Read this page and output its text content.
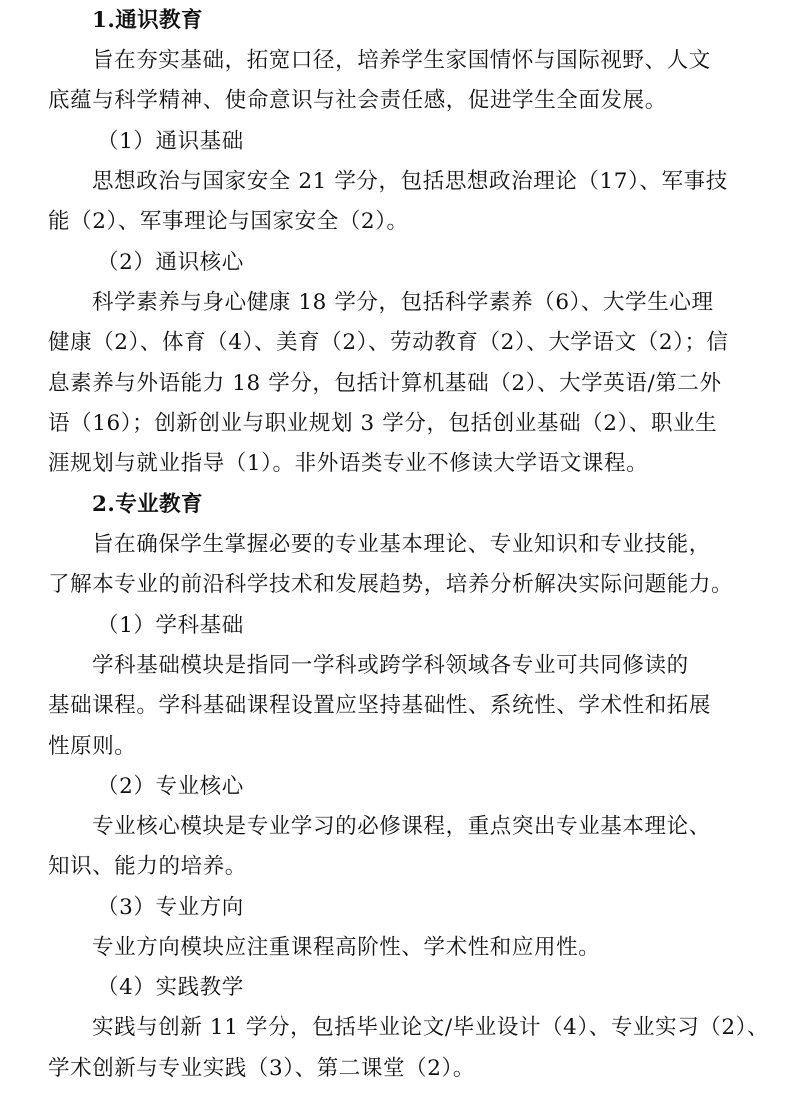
1.通识教育
旨在夯实基础，拓宽口径，培养学生家国情怀与国际视野、人文
底蕴与科学精神、使命意识与社会责任感，促进学生全面发展。
（1）通识基础
思想政治与国家安全 21 学分，包括思想政治理论（17）、军事技
能（2）、军事理论与国家安全（2）。
（2）通识核心
科学素养与身心健康 18 学分，包括科学素养（6）、大学生心理
健康（2）、体育（4）、美育（2）、劳动教育（2）、大学语文（2）；信
息素养与外语能力 18 学分，包括计算机基础（2）、大学英语/第二外
语（16）；创新创业与职业规划 3 学分，包括创业基础（2）、职业生
涯规划与就业指导（1）。非外语类专业不修读大学语文课程。
2.专业教育
旨在确保学生掌握必要的专业基本理论、专业知识和专业技能，
了解本专业的前沿科学技术和发展趋势，培养分析解决实际问题能力。
（1）学科基础
学科基础模块是指同一学科或跨学科领域各专业可共同修读的
基础课程。学科基础课程设置应坚持基础性、系统性、学术性和拓展
性原则。
（2）专业核心
专业核心模块是专业学习的必修课程，重点突出专业基本理论、
知识、能力的培养。
（3）专业方向
专业方向模块应注重课程高阶性、学术性和应用性。
（4）实践教学
实践与创新 11 学分，包括毕业论文/毕业设计（4）、专业实习（2）、
学术创新与专业实践（3）、第二课堂（2）。
